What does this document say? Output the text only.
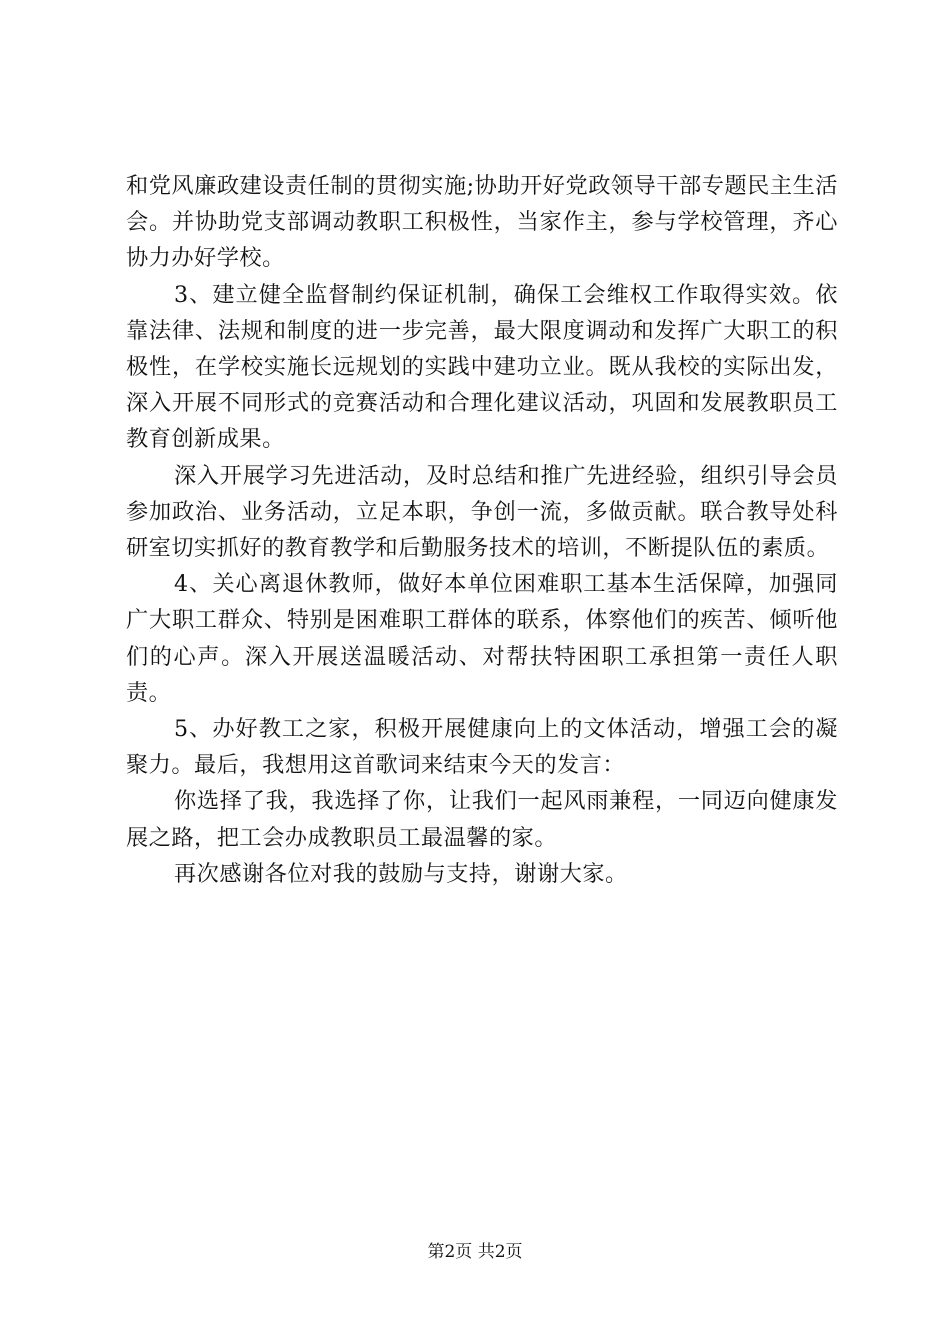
和党风廉政建设责任制的贯彻实施;协助开好党政领导干部专题民主生活会。并协助党支部调动教职工积极性，当家作主，参与学校管理，齐心协力办好学校。

3、建立健全监督制约保证机制，确保工会维权工作取得实效。依靠法律、法规和制度的进一步完善，最大限度调动和发挥广大职工的积极性，在学校实施长远规划的实践中建功立业。既从我校的实际出发，深入开展不同形式的竞赛活动和合理化建议活动，巩固和发展教职员工教育创新成果。

深入开展学习先进活动，及时总结和推广先进经验，组织引导会员参加政治、业务活动，立足本职，争创一流，多做贡献。联合教导处科研室切实抓好的教育教学和后勤服务技术的培训，不断提队伍的素质。

4、关心离退休教师，做好本单位困难职工基本生活保障，加强同广大职工群众、特别是困难职工群体的联系，体察他们的疾苦、倾听他们的心声。深入开展送温暖活动、对帮扶特困职工承担第一责任人职责。

5、办好教工之家，积极开展健康向上的文体活动，增强工会的凝聚力。最后，我想用这首歌词来结束今天的发言：

你选择了我，我选择了你，让我们一起风雨兼程，一同迈向健康发展之路，把工会办成教职员工最温馨的家。

再次感谢各位对我的鼓励与支持，谢谢大家。

第2页 共2页
